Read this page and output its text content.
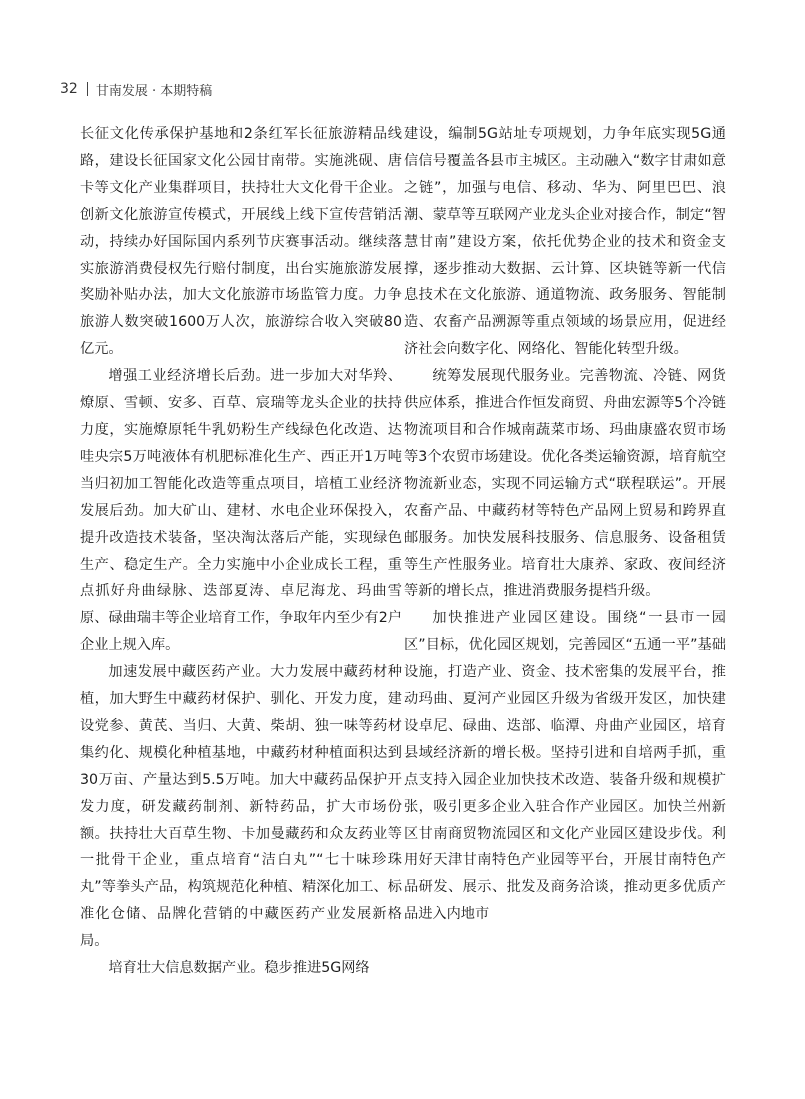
32 甘南发展 · 本期特稿

长征文化传承保护基地和2条红军长征旅游精品线路，建设长征国家文化公园甘南带。实施洮砚、唐卡等文化产业集群项目，扶持壮大文化骨干企业。创新文化旅游宣传模式，开展线上线下宣传营销活动，持续办好国际国内系列节庆赛事活动。继续落实旅游消费侵权先行赔付制度，出台实施旅游发展奖励补贴办法，加大文化旅游市场监管力度。力争旅游人数突破1600万人次，旅游综合收入突破80亿元。

增强工业经济增长后劲。进一步加大对华羚、燎原、雪顿、安多、百草、宸瑞等龙头企业的扶持力度，实施燎原牦牛乳奶粉生产线绿色化改造、达哇央宗5万吨液体有机肥标准化生产、西正开1万吨当归初加工智能化改造等重点项目，培植工业经济发展后劲。加大矿山、建材、水电企业环保投入，提升改造技术装备，坚决淘汰落后产能，实现绿色生产、稳定生产。全力实施中小企业成长工程，重点抓好舟曲绿脉、迭部夏涛、卓尼海龙、玛曲雪原、碌曲瑞丰等企业培育工作，争取年内至少有2户企业上规入库。

加速发展中藏医药产业。大力发展中藏药材种植，加大野生中藏药材保护、驯化、开发力度，建设党参、黄芪、当归、大黄、柴胡、独一味等药材集约化、规模化种植基地，中藏药材种植面积达到30万亩、产量达到5.5万吨。加大中藏药品保护开发力度，研发藏药制剂、新特药品，扩大市场份额。扶持壮大百草生物、卡加曼藏药和众友药业等一批骨干企业，重点培育“洁白丸”“七十味珍珠丸”等拳头产品，构筑规范化种植、精深化加工、标准化仓储、品牌化营销的中藏医药产业发展新格局。

培育壮大信息数据产业。稳步推进5G网络

建设，编制5G站址专项规划，力争年底实现5G通信信号覆盖各县市主城区。主动融入“数字甘肃如意之链”，加强与电信、移动、华为、阿里巴巴、浪潮、蒙草等互联网产业龙头企业对接合作，制定“智慧甘南”建设方案，依托优势企业的技术和资金支撑，逐步推动大数据、云计算、区块链等新一代信息技术在文化旅游、通道物流、政务服务、智能制造、农畜产品溯源等重点领域的场景应用，促进经济社会向数字化、网络化、智能化转型升级。

统筹发展现代服务业。完善物流、冷链、网货供应体系，推进合作恒发商贸、舟曲宏源等5个冷链物流项目和合作城南蔬菜市场、玛曲康盛农贸市场等3个农贸市场建设。优化各类运输资源，培育航空物流新业态，实现不同运输方式“联程联运”。开展农畜产品、中藏药材等特色产品网上贸易和跨界直邮服务。加快发展科技服务、信息服务、设备租赁等生产性服务业。培育壮大康养、家政、夜间经济等新的增长点，推进消费服务提档升级。

加快推进产业园区建设。围绕“一县市一园区”目标，优化园区规划，完善园区“五通一平”基础设施，打造产业、资金、技术密集的发展平台，推动玛曲、夏河产业园区升级为省级开发区，加快建设卓尼、碌曲、迭部、临潭、舟曲产业园区，培育县域经济新的增长极。坚持引进和自培两手抓，重点支持入园企业加快技术改造、装备升级和规模扩张，吸引更多企业入驻合作产业园区。加快兰州新区甘南商贸物流园区和文化产业园区建设步伐。利用好天津甘南特色产业园等平台，开展甘南特色产品研发、展示、批发及商务洽谈，推动更多优质产品进入内地市
